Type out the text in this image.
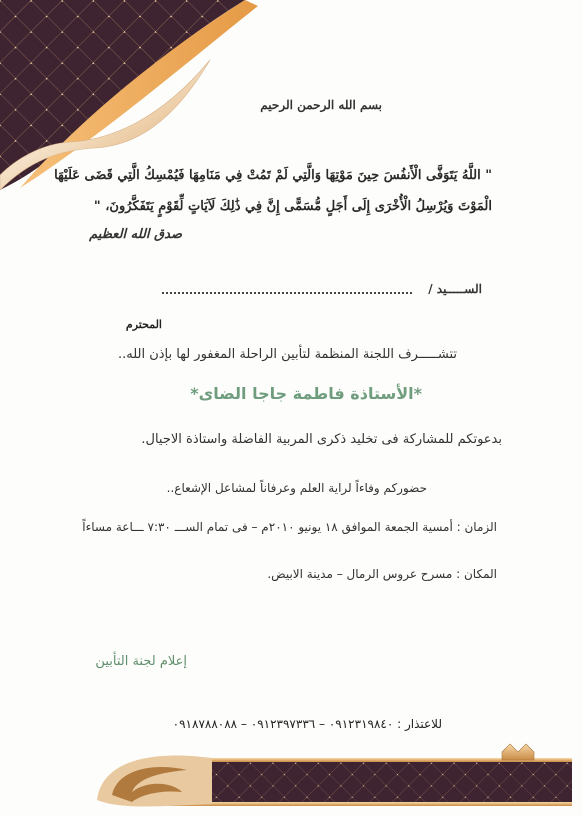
بسم الله الرحمن الرحيم
" اللَّهُ يَتَوَفَّى الْأَنفُسَ حِينَ مَوْتِهَا وَالَّتِي لَمْ تَمُتْ فِي مَنَامِهَا فَيُمْسِكُ الَّتِي قَضَى عَلَيْهَا
الْمَوْتَ وَيُرْسِلُ الْأُخْرَى إِلَى أَجَلٍ مُّسَمًّى إِنَّ فِي ذَٰلِكَ لَآيَاتٍ لِّقَوْمٍ يَتَفَكَّرُونَ، "
صدق الله العظيم
الســـــيد /
المحترم
تتشـــــرف اللجنة المنظمة لتأبين الراحلة المغفور لها بإذن الله..
*الأستاذة فاطمة جاجا الضاى*
بدعوتكم للمشاركة فى تخليد ذكرى المربية الفاضلة واستاذة الاجيال.
حضوركم وفاءاً لراية العلم وعرفاناً لمشاعل الإشعاع..
الزمان : أمسية الجمعة الموافق ١٨ يونيو ٢٠١٠م – فى تمام الســـ ٧:٣٠ ـــاعة مساءاً
المكان : مسرح عروس الرمال – مدينة الابيض.
إعلام لجنة التأبين
للاعتذار : ٠٩١٢٣١٩٨٤٠ – ٠٩١٢٣٩٧٣٣٦ – ٠٩١٨٧٨٨٠٨٨
